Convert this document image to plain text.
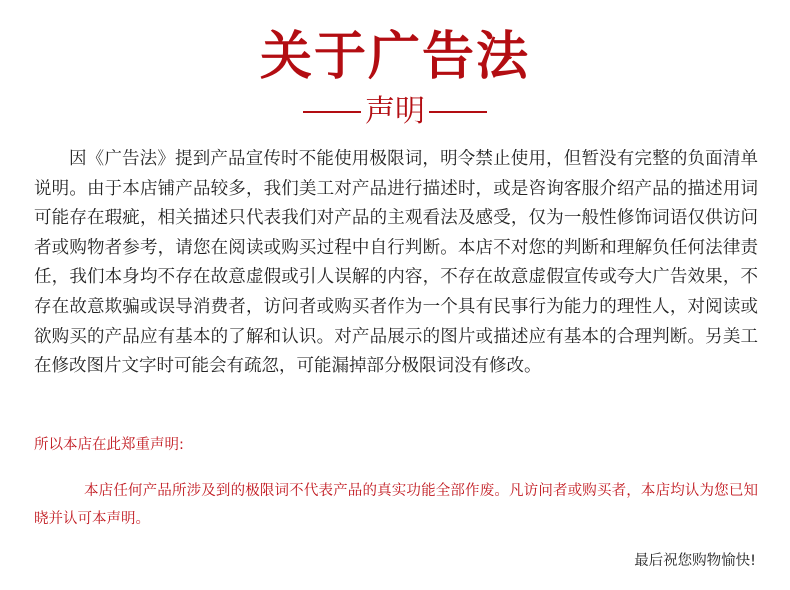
关于广告法
声明

因《广告法》提到产品宣传时不能使用极限词，明令禁止使用，但暂没有完整的负面清单说明。由于本店铺产品较多，我们美工对产品进行描述时，或是咨询客服介绍产品的描述用词可能存在瑕疵，相关描述只代表我们对产品的主观看法及感受，仅为一般性修饰词语仅供访问者或购物者参考，请您在阅读或购买过程中自行判断。本店不对您的判断和理解负任何法律责任，我们本身均不存在故意虚假或引人误解的内容，不存在故意虚假宣传或夸大广告效果，不存在故意欺骗或误导消费者，访问者或购买者作为一个具有民事行为能力的理性人，对阅读或欲购买的产品应有基本的了解和认识。对产品展示的图片或描述应有基本的合理判断。另美工在修改图片文字时可能会有疏忽，可能漏掉部分极限词没有修改。

所以本店在此郑重声明:

本店任何产品所涉及到的极限词不代表产品的真实功能全部作废。凡访问者或购买者，本店均认为您已知晓并认可本声明。

最后祝您购物愉快!
